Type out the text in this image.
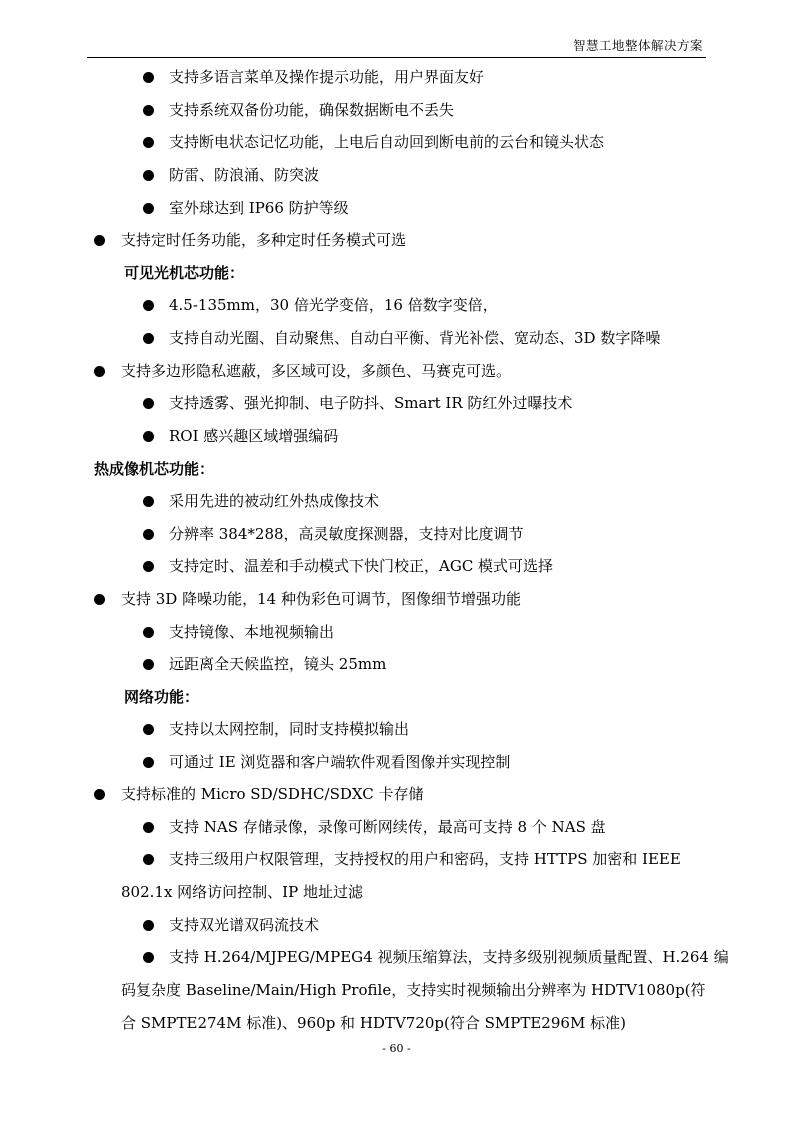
智慧工地整体解决方案
支持多语言菜单及操作提示功能，用户界面友好
支持系统双备份功能，确保数据断电不丢失
支持断电状态记忆功能，上电后自动回到断电前的云台和镜头状态
防雷、防浪涌、防突波
室外球达到 IP66 防护等级
支持定时任务功能，多种定时任务模式可选
可见光机芯功能：
4.5-135mm，30 倍光学变倍，16 倍数字变倍，
支持自动光圈、自动聚焦、自动白平衡、背光补偿、宽动态、3D 数字降噪
支持多边形隐私遮蔽，多区域可设，多颜色、马赛克可选。
支持透雾、强光抑制、电子防抖、Smart IR 防红外过曝技术
ROI 感兴趣区域增强编码
热成像机芯功能：
采用先进的被动红外热成像技术
分辨率 384*288，高灵敏度探测器，支持对比度调节
支持定时、温差和手动模式下快门校正，AGC 模式可选择
支持 3D 降噪功能，14 种伪彩色可调节，图像细节增强功能
支持镜像、本地视频输出
远距离全天候监控，镜头 25mm
网络功能：
支持以太网控制，同时支持模拟输出
可通过 IE 浏览器和客户端软件观看图像并实现控制
支持标准的 Micro SD/SDHC/SDXC 卡存储
支持 NAS 存储录像，录像可断网续传，最高可支持 8 个 NAS 盘
支持三级用户权限管理，支持授权的用户和密码，支持 HTTPS 加密和 IEEE
802.1x 网络访问控制、IP 地址过滤
支持双光谱双码流技术
支持 H.264/MJPEG/MPEG4 视频压缩算法，支持多级别视频质量配置、H.264 编
码复杂度 Baseline/Main/High Profile，支持实时视频输出分辨率为 HDTV1080p(符
合 SMPTE274M 标准)、960p 和 HDTV720p(符合 SMPTE296M 标准)
- 60 -
